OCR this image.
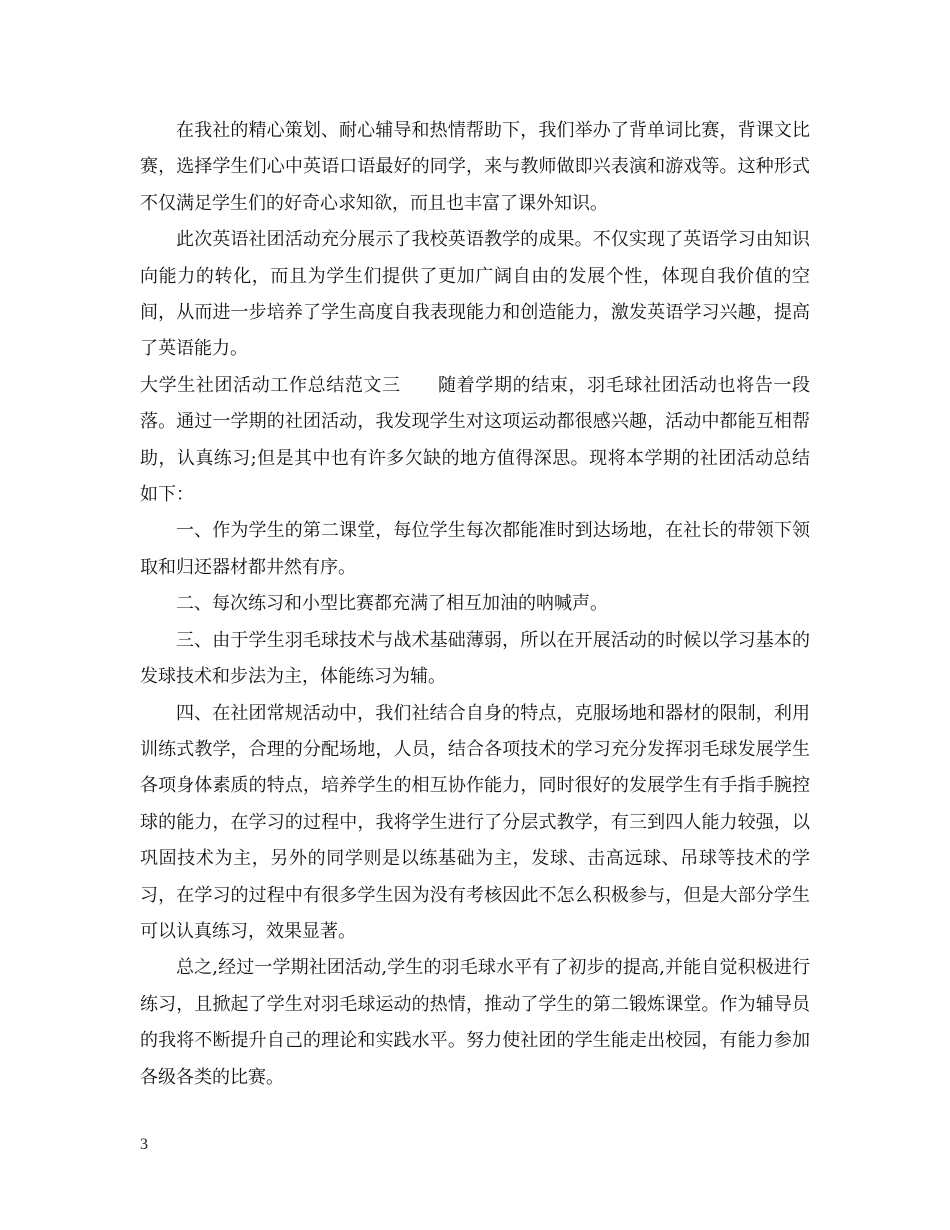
在我社的精心策划、耐心辅导和热情帮助下，我们举办了背单词比赛，背课文比赛，选择学生们心中英语口语最好的同学，来与教师做即兴表演和游戏等。这种形式不仅满足学生们的好奇心求知欲，而且也丰富了课外知识。

此次英语社团活动充分展示了我校英语教学的成果。不仅实现了英语学习由知识向能力的转化，而且为学生们提供了更加广阔自由的发展个性，体现自我价值的空间，从而进一步培养了学生高度自我表现能力和创造能力，激发英语学习兴趣，提高了英语能力。

大学生社团活动工作总结范文三　　随着学期的结束，羽毛球社团活动也将告一段落。通过一学期的社团活动，我发现学生对这项运动都很感兴趣，活动中都能互相帮助，认真练习;但是其中也有许多欠缺的地方值得深思。现将本学期的社团活动总结如下：

一、作为学生的第二课堂，每位学生每次都能准时到达场地，在社长的带领下领取和归还器材都井然有序。

二、每次练习和小型比赛都充满了相互加油的呐喊声。

三、由于学生羽毛球技术与战术基础薄弱，所以在开展活动的时候以学习基本的发球技术和步法为主，体能练习为辅。

四、在社团常规活动中，我们社结合自身的特点，克服场地和器材的限制，利用训练式教学，合理的分配场地，人员，结合各项技术的学习充分发挥羽毛球发展学生各项身体素质的特点，培养学生的相互协作能力，同时很好的发展学生有手指手腕控球的能力，在学习的过程中，我将学生进行了分层式教学，有三到四人能力较强，以巩固技术为主，另外的同学则是以练基础为主，发球、击高远球、吊球等技术的学习，在学习的过程中有很多学生因为没有考核因此不怎么积极参与，但是大部分学生可以认真练习，效果显著。

总之,经过一学期社团活动,学生的羽毛球水平有了初步的提高,并能自觉积极进行练习，且掀起了学生对羽毛球运动的热情，推动了学生的第二锻炼课堂。作为辅导员的我将不断提升自己的理论和实践水平。努力使社团的学生能走出校园，有能力参加各级各类的比赛。

3
